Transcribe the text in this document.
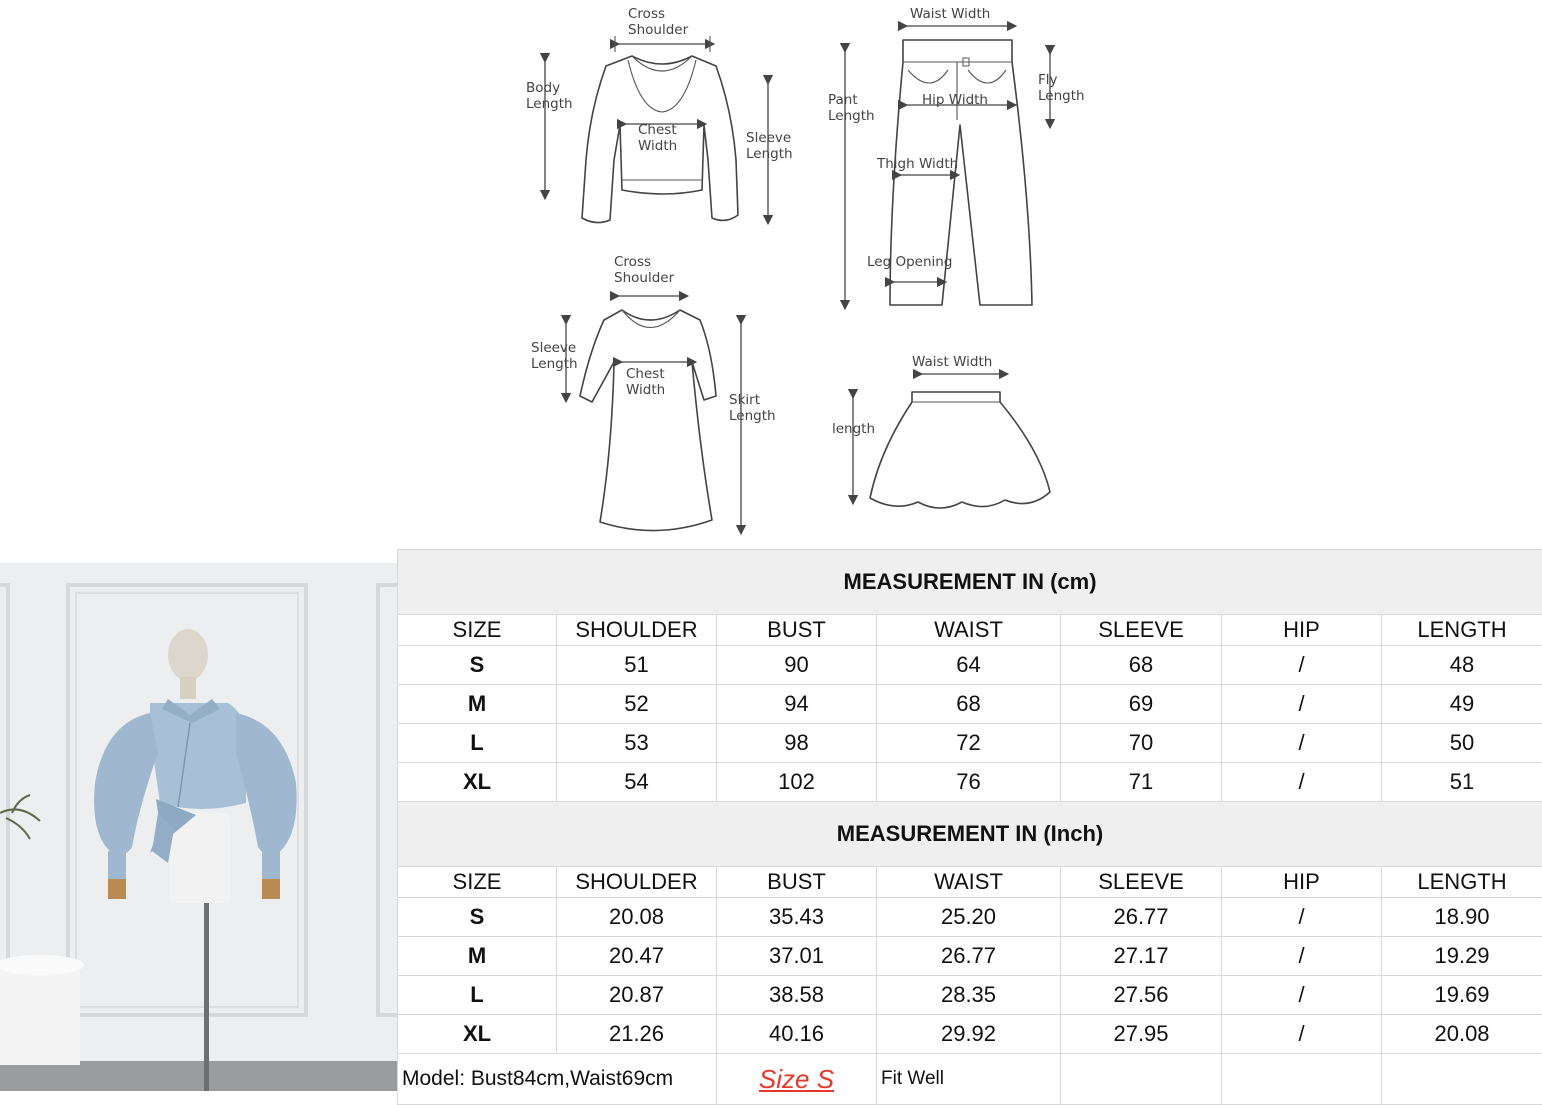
Cross
Shoulder
Body
Length
Sleeve
Length
Chest
Width
Waist Width
Pant
Length
Fly
Length
Hip Width
Thigh Width
Leg Opening
Cross
Shoulder
Sleeve
Length
Skirt
Length
Chest
Width
Waist Width
length
MEASUREMENT IN (cm)						
SIZE	SHOULDER	BUST	WAIST	SLEEVE	HIP	LENGTH
S	51	90	64	68	/	48
M	52	94	68	69	/	49
L	53	98	72	70	/	50
XL	54	102	76	71	/	51
MEASUREMENT IN (Inch)						
SIZE	SHOULDER	BUST	WAIST	SLEEVE	HIP	LENGTH
S	20.08	35.43	25.20	26.77	/	18.90
M	20.47	37.01	26.77	27.17	/	19.29
L	20.87	38.58	28.35	27.56	/	19.69
XL	21.26	40.16	29.92	27.95	/	20.08
Model: Bust84cm,Waist69cm		Size S	Fit Well			
